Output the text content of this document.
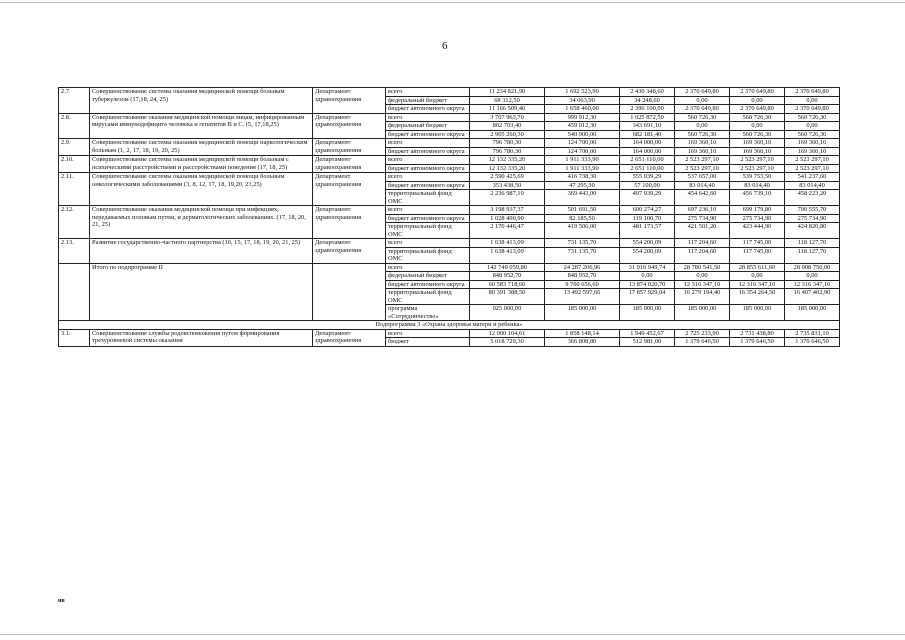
6
2.7	Совершенствование системы оказания медицинской помощи больным туберкулезом (17,18, 24, 25)	Департамент здравоохранения	всего	11 234 821,90	1 692 523,90	2 430 348,60	2 370 649,80	2 370 649,80	2 370 649,80
			федеральный бюджет	68 312,50	34 063,90	34 248,60	0,00	0,00	0,00
			бюджет автономного округа	11 166 509,40	1 658 460,00	2 396 100,00	2 370 649,80	2 370 649,80	2 370 649,80
2.8.	Совершенствование оказания медицинской помощи лицам, инфицированным вирусами иммунодефицита человека и гепатитов В и С. (5, 17,18,25)	Департамент здравоохранения	всего	3 707 963,70	999 912,30	1 025 872,50	560 726,30	560 726,30	560 726,30
			федеральный бюджет	802 703,40	459 012,30	343 691,10	0,00	0,00	0,00
			бюджет автономного округа	2 905 260,30	540 900,00	682 181,40	560 726,30	560 726,30	560 726,30
2.9.	Совершенствование системы оказания медицинской помощи наркологическим больным (1, 2, 17, 18, 19, 20, 25)	Департамент здравоохранения	всего	796 780,30	124 700,00	164 000,00	169 360,10	169 360,10	169 360,10
			бюджет автономного округа	796 780,30	124 700,00	164 000,00	169 360,10	169 360,10	169 360,10
2.10.	Совершенствование системы оказания медицинской помощи больным с психическими расстройствами и расстройствами поведения (17, 18, 25)	Департамент здравоохранения	всего	12 132 335,20	1 911 333,90	2 651 110,00	2 523 297,10	2 523 297,10	2 523 297,10
			бюджет автономного округа	12 132 335,20	1 911 333,90	2 651 110,00	2 523 297,10	2 523 297,10	2 523 297,10
2.11.	Совершенствование системы оказания медицинской помощи больным онкологическими заболеваниями (3, 8, 12, 17, 18, 19,20, 23,25)	Департамент здравоохранения	всего	2 590 425,69	416 738,30	555 039,29	537 657,00	539 753,50	541 237,60
			бюджет автономного округа	353 438,50	47 295,30	57 100,00	83 014,40	83 014,40	83 014,40
			территориальный фонд ОМС	2 236 987,19	369 443,00	497 939,29	454 642,60	456 739,10	458 223,20
2.12.	Совершенствование оказания медицинской помощи при инфекциях, передаваемых половым путем, и дерматологических заболеваниях. (17, 18, 20, 21, 25)	Департамент здравоохранения	всего	3 198 937,37	501 691,50	600 274,27	697 236,10	699 179,80	700 555,70
			бюджет автономного округа	1 028 490,90	82 185,50	119 100,70	275 734,90	275 734,90	275 734,90
			территориальный фонд ОМС	2 170 446,47	419 506,00	481 173,57	421 501,20	423 444,90	424 820,80
2.13.	Развитие государственно-частного партнерства (10, 15, 17, 18, 19, 20, 21, 25)	Департамент здравоохранения	всего	1 638 413,09	731 135,70	554 200,09	117 204,60	117 745,00	118 127,70
			территориальный фонд ОМС	1 638 413,09	731 135,70	554 200,09	117 204,60	117 745,00	118 127,70
	Итого по подпрограмме II		всего	142 749 059,80	24 287 206,96	31 916 949,74	28 780 541,50	28 855 611,60	28 908 750,00
			федеральный бюджет	848 952,70	848 952,70	0,00	0,00	0,00	0,00
			бюджет автономного округа	60 583 718,60	9 760 656,60	13 874 020,70	12 316 347,10	12 316 347,10	12 316 347,10
			территориальный фонд ОМС	80 391 388,50	13 492 597,66	17 857 929,04	16 279 194,40	16 354 264,50	16 407 402,90
			программа «Сотрудничество»	925 000,00	185 000,00	185 000,00	185 000,00	185 000,00	185 000,00
Подпрограмма 3 «Охрана здоровья матери и ребенка»									
3.1.	Совершенствование службы родовспоможения путем формирования трехуровневой системы оказания	Департамент здравоохранения	всего	12 000 104,61	1 858 148,14	1 949 452,67	2 725 233,90	2 731 438,80	2 735 831,10
			бюджет	5 018 729,30	366 808,80	512 981,00	1 379 646,50	1 379 646,50	1 379 646,50
нв
